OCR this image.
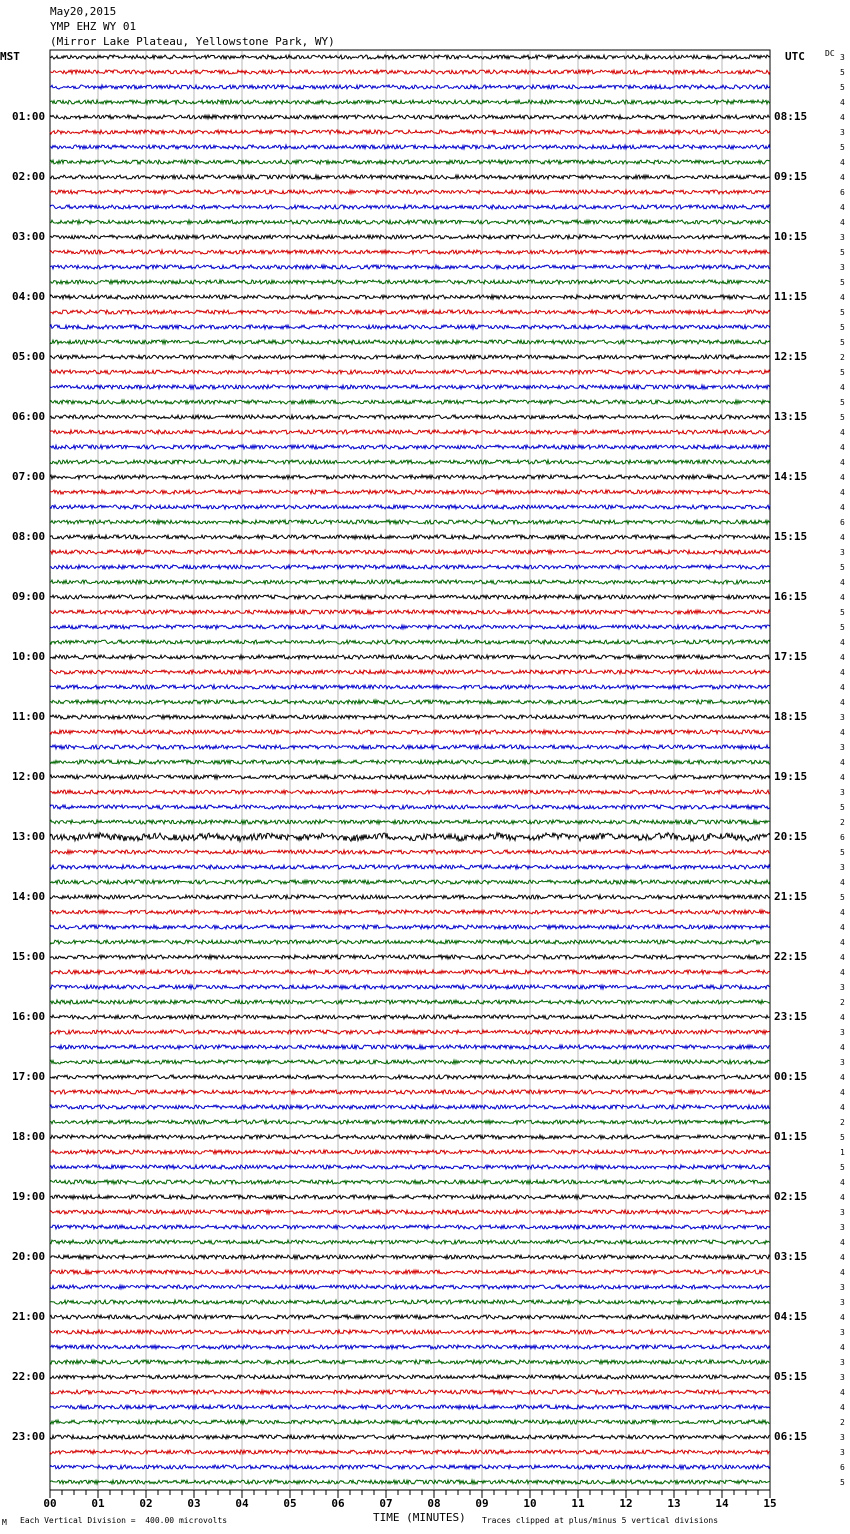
May20,2015
YMP EHZ WY 01
(Mirror Lake Plateau, Yellowstone Park, WY)
MST	UTC	DC
00	01	02	03	04	05	06	07	08	09	10	11	12	13	14	15
01:00
02:00
03:00
04:00
05:00
06:00
07:00
08:00
09:00
10:00
11:00
12:00
13:00
14:00
15:00
16:00
17:00
18:00
19:00
20:00
21:00
22:00
23:00
08:15
09:15
10:15
11:15
12:15
13:15
14:15
15:15
16:15
17:15
18:15
19:15
20:15
21:15
22:15
23:15
00:15
01:15
02:15
03:15
04:15
05:15
06:15
3
5
5
4
4
3
5
4
4
6
4
4
3
5
3
5
4
5
5
5
2
5
4
5
5
4
4
4
4
4
4
6
4
3
5
4
4
5
5
4
4
4
4
4
3
4
3
4
4
3
5
2
6
5
3
4
5
4
4
4
4
4
3
2
4
3
4
3
4
4
4
2
5
1
5
4
4
3
3
4
4
4
3
3
4
3
4
3
3
4
4
2
3
3
6
5
M Each Vertical Division =  400.00 microvolts	TIME (MINUTES) Traces clipped at plus/minus 5 vertical divisions
